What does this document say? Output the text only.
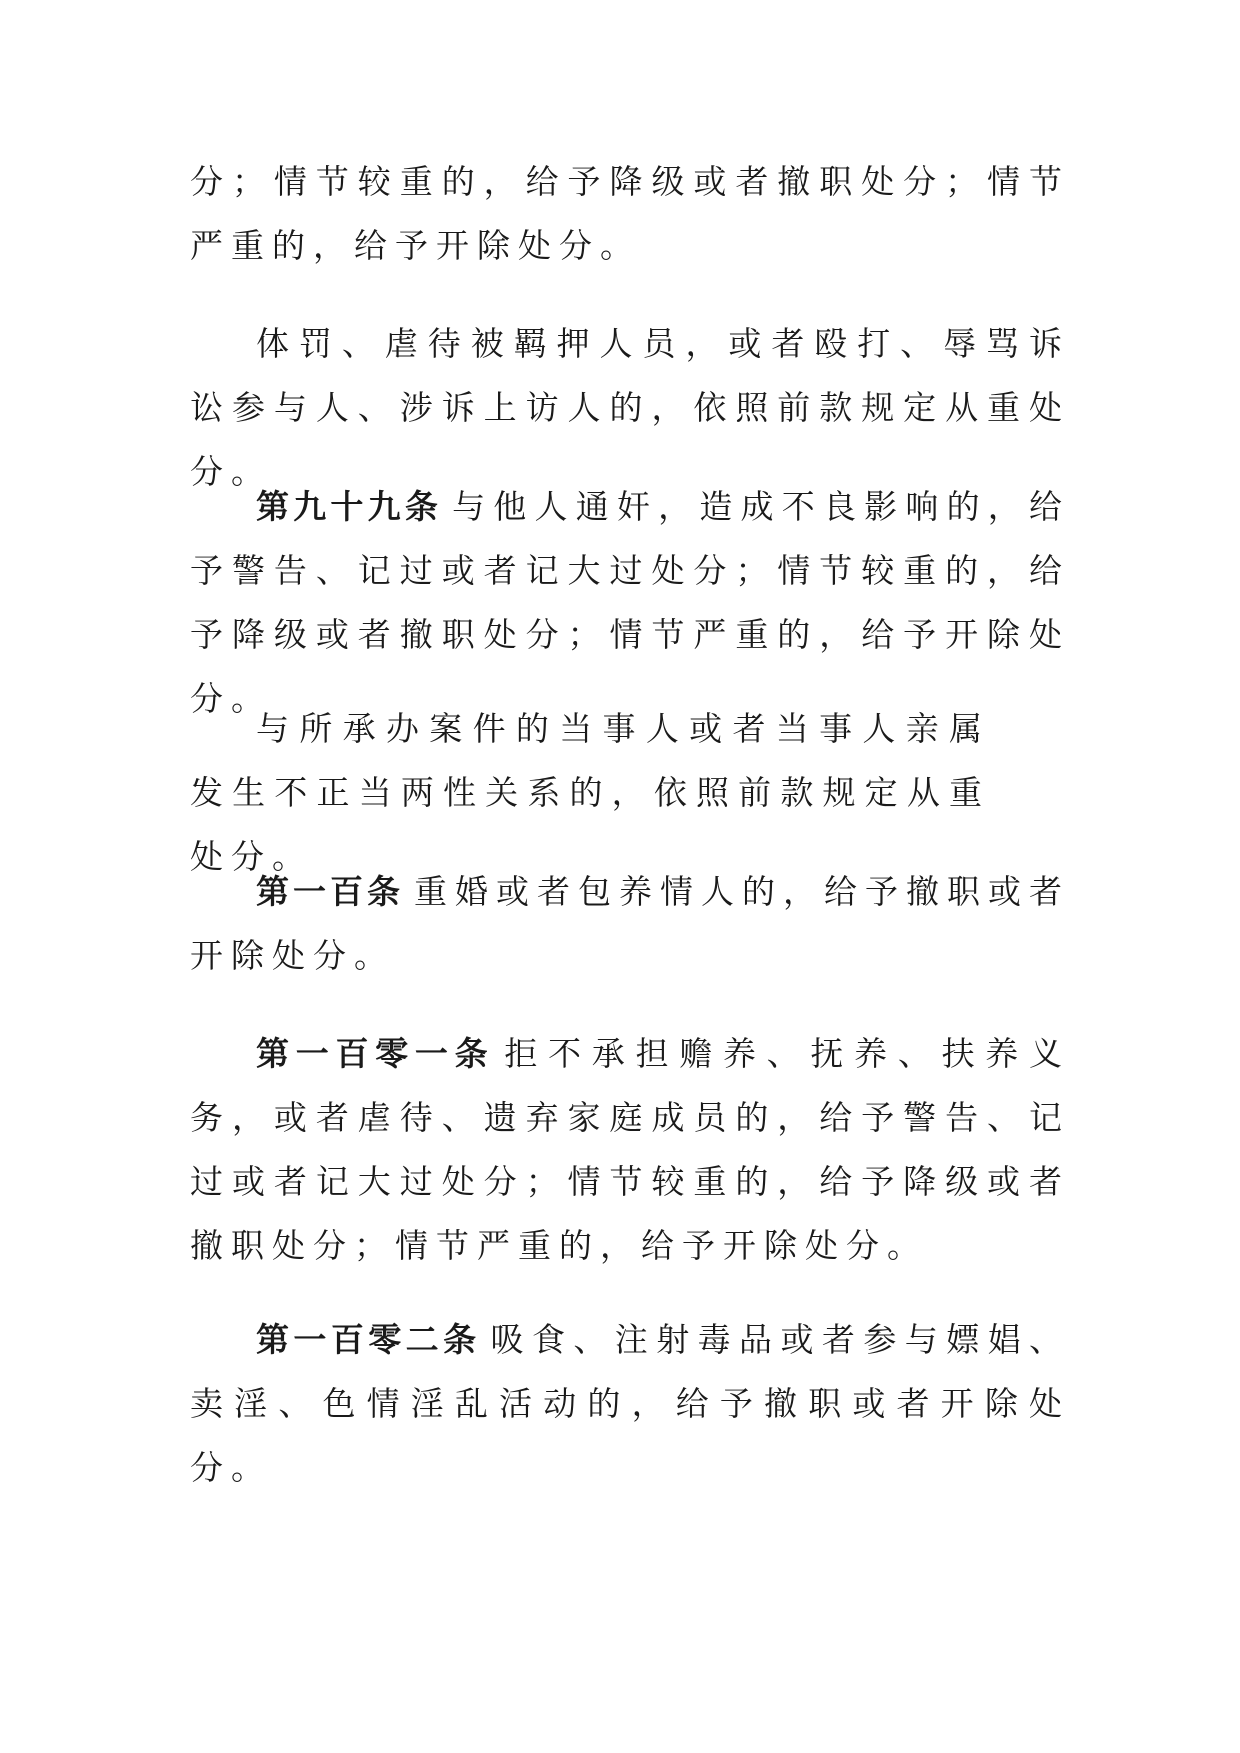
分；情节较重的，给予降级或者撤职处分；情节严重的，给予开除处分。

体罚、虐待被羁押人员，或者殴打、辱骂诉讼参与人、涉诉上访人的，依照前款规定从重处分。

第九十九条 与他人通奸，造成不良影响的，给予警告、记过或者记大过处分；情节较重的，给予降级或者撤职处分；情节严重的，给予开除处分。

与所承办案件的当事人或者当事人亲属发生不正当两性关系的，依照前款规定从重处分。

第一百条 重婚或者包养情人的，给予撤职或者开除处分。

第一百零一条 拒不承担赡养、抚养、扶养义务，或者虐待、遗弃家庭成员的，给予警告、记过或者记大过处分；情节较重的，给予降级或者撤职处分；情节严重的，给予开除处分。

第一百零二条 吸食、注射毒品或者参与嫖娼、卖淫、色情淫乱活动的，给予撤职或者开除处分。
